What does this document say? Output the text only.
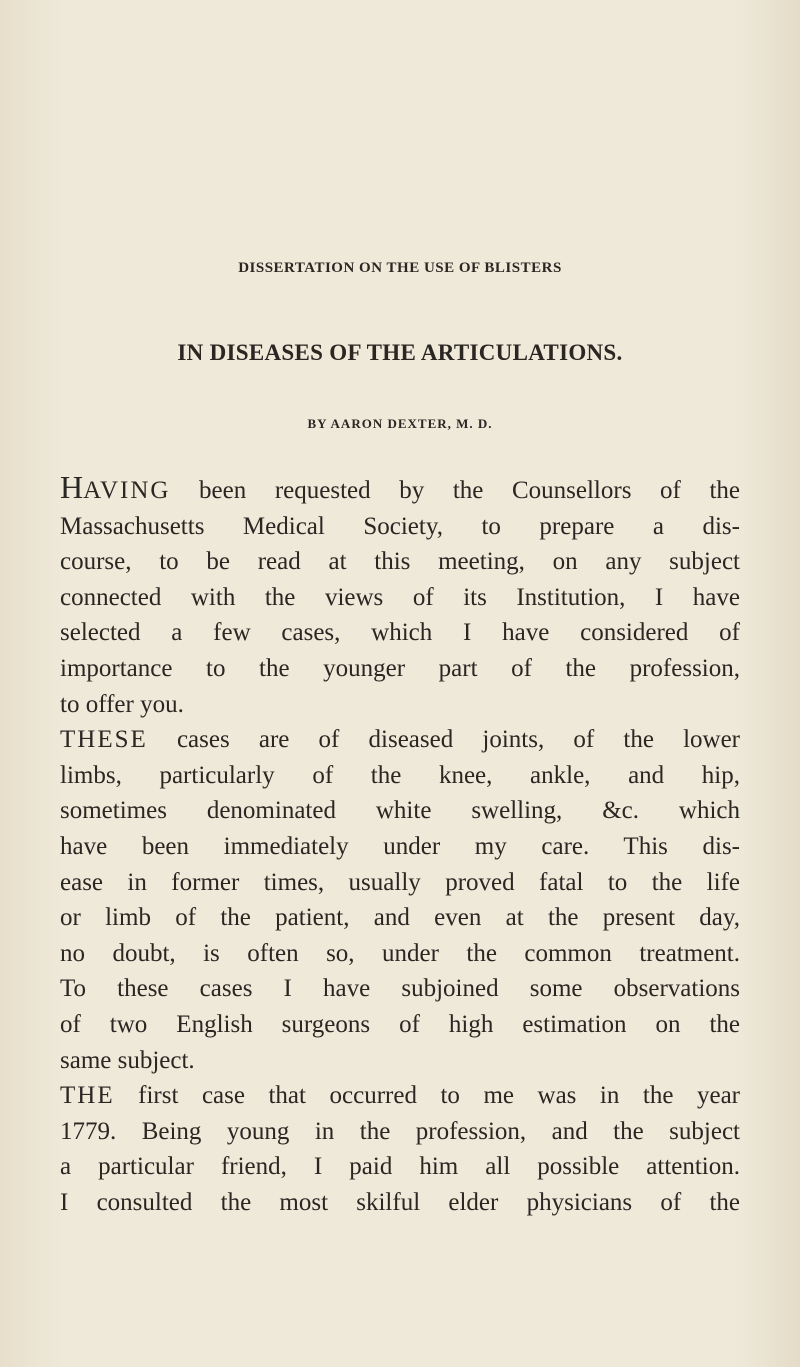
DISSERTATION ON THE USE OF BLISTERS
IN DISEASES OF THE ARTICULATIONS.
BY AARON DEXTER, M. D.
HAVING been requested by the Counsellors of the
Massachusetts Medical Society, to prepare a dis-
course, to be read at this meeting, on any subject
connected with the views of its Institution, I have
selected a few cases, which I have considered of
importance to the younger part of the profession,
to offer you.
THESE cases are of diseased joints, of the lower
limbs, particularly of the knee, ankle, and hip,
sometimes denominated white swelling, &c. which
have been immediately under my care. This dis-
ease in former times, usually proved fatal to the life
or limb of the patient, and even at the present day,
no doubt, is often so, under the common treatment.
To these cases I have subjoined some observations
of two English surgeons of high estimation on the
same subject.
THE first case that occurred to me was in the year
1779. Being young in the profession, and the subject
a particular friend, I paid him all possible attention.
I consulted the most skilful elder physicians of the
